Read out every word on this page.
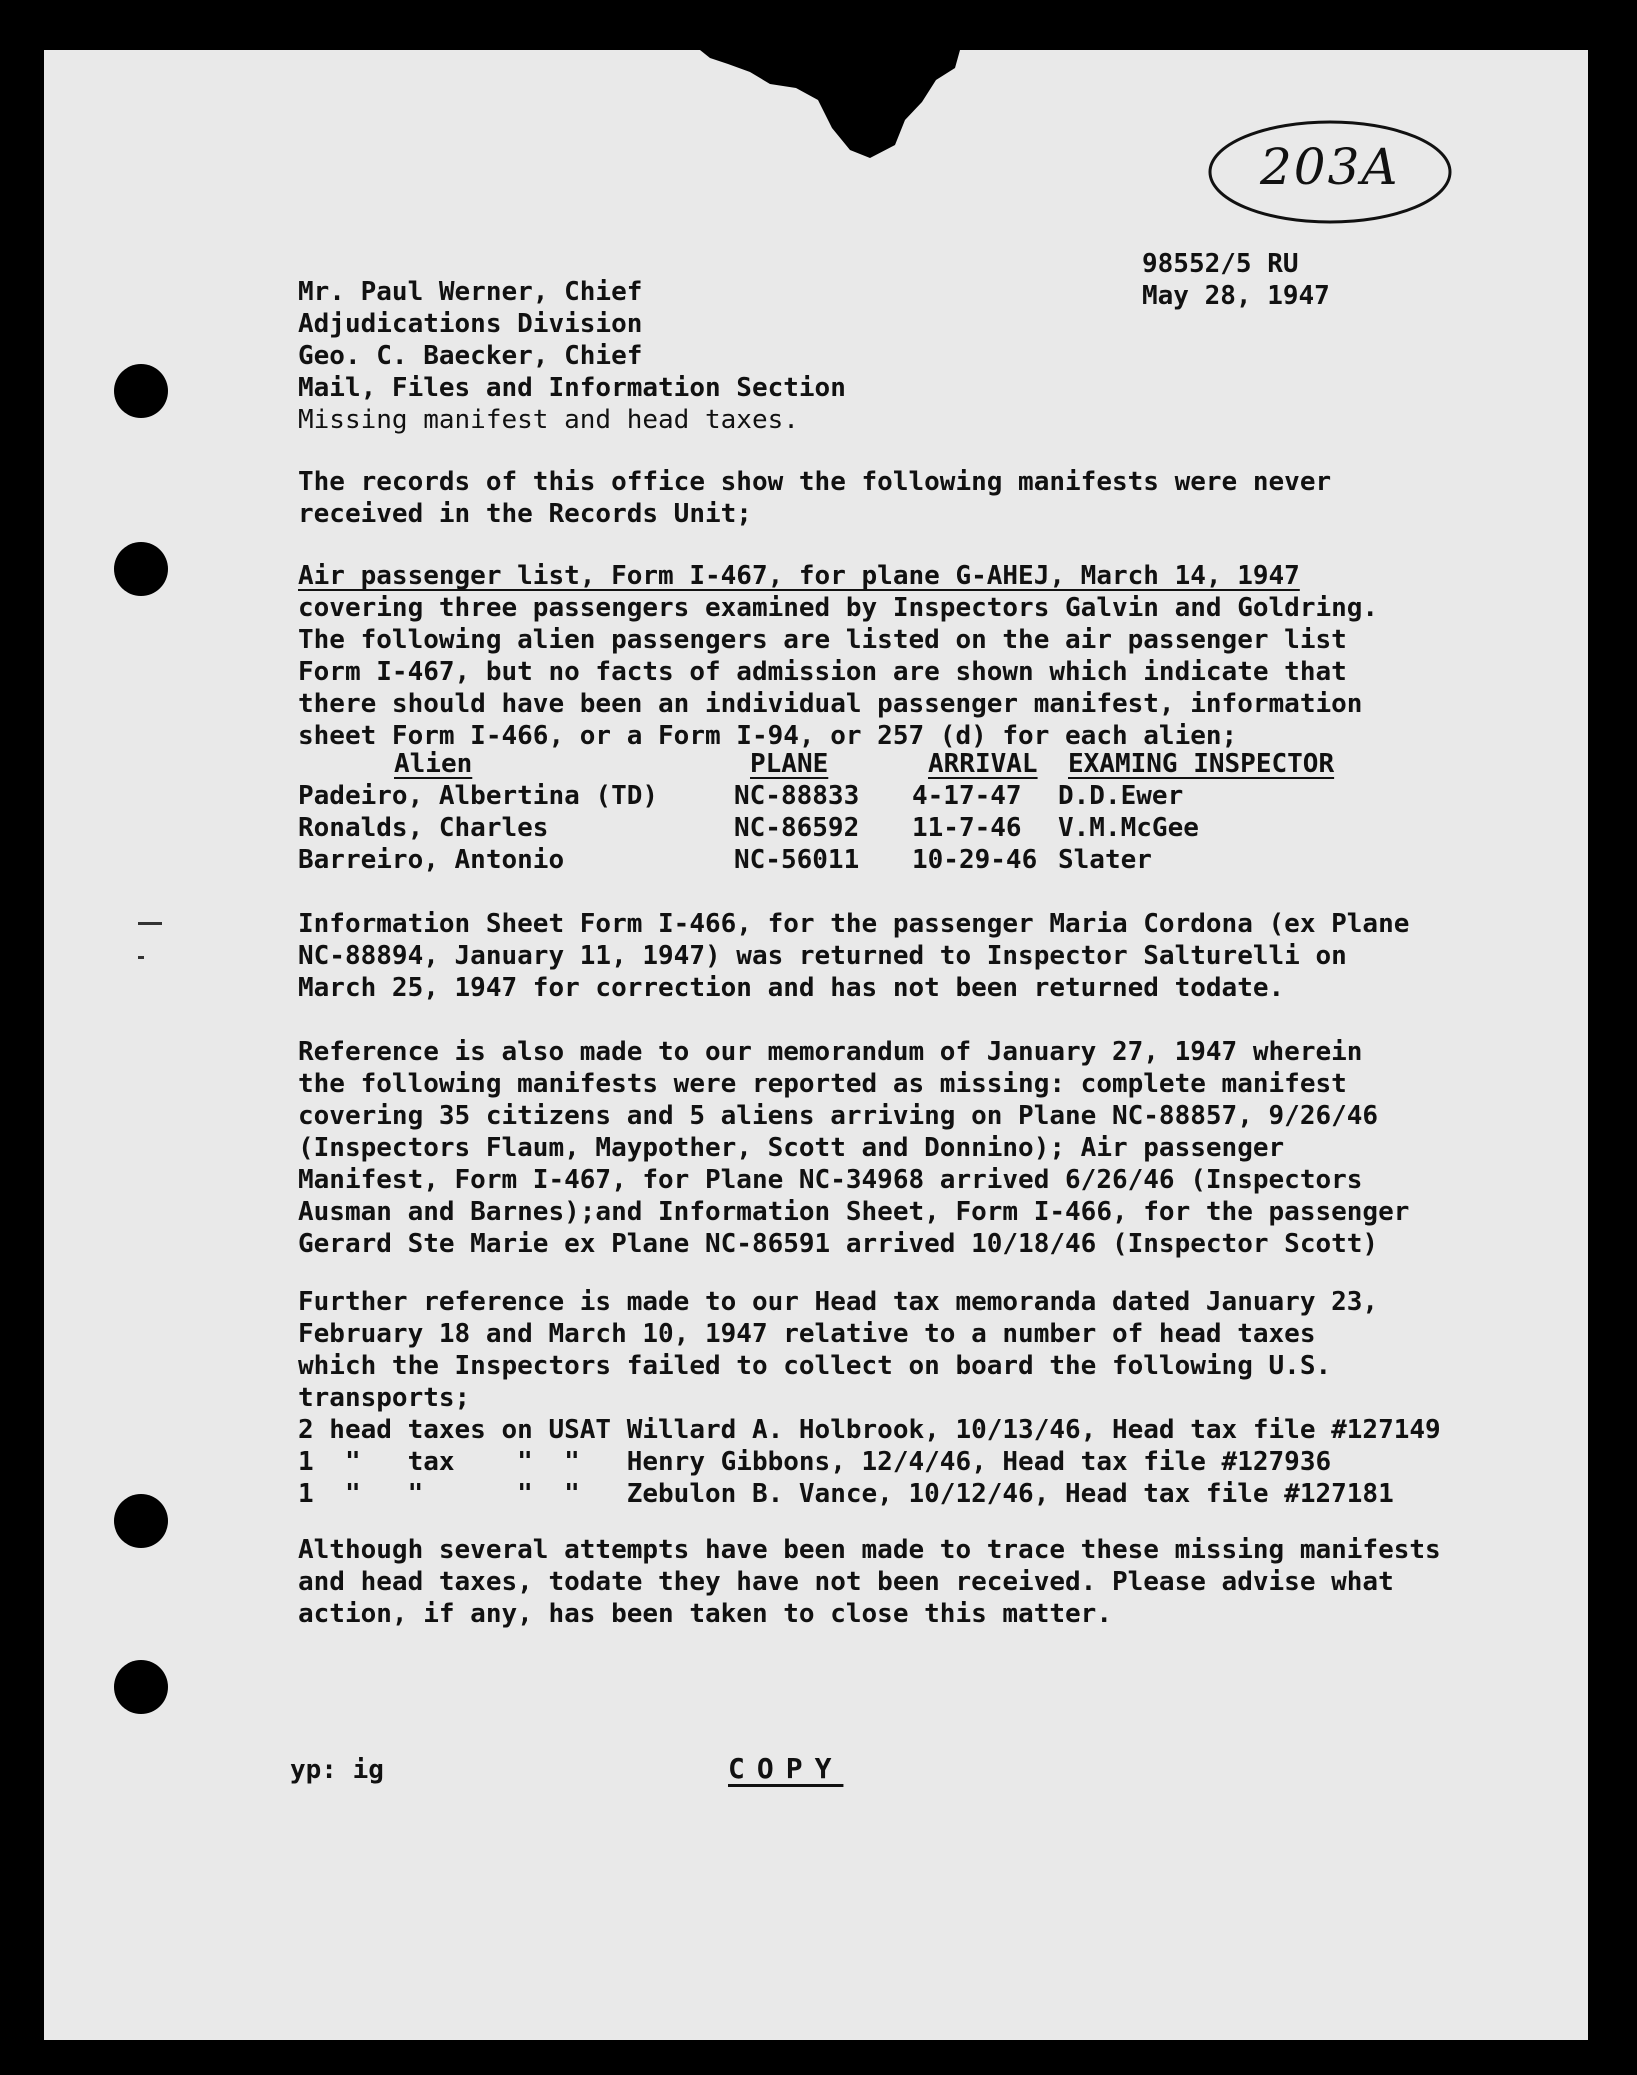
203A
98552/5 RU
May 28, 1947
Mr. Paul Werner, Chief
Adjudications Division
Geo. C. Baecker, Chief
Mail, Files and Information Section
Missing manifest and head taxes.
The records of this office show the following manifests were never
received in the Records Unit;
Air passenger list, Form I-467, for plane G-AHEJ, March 14, 1947
covering three passengers examined by Inspectors Galvin and Goldring.
The following alien passengers are listed on the air passenger list
Form I-467, but no facts of admission are shown which indicate that
there should have been an individual passenger manifest, information
sheet Form I-466, or a Form I-94, or 257 (d) for each alien;
Alien	PLANE	ARRIVAL EXAMING INSPECTOR
Padeiro, Albertina (TD)	NC-88833 4-17-47 D.D.Ewer
Ronalds, Charles	NC-86592 11-7-46 V.M.McGee
Barreiro, Antonio	NC-56011 10-29-46 Slater
Information Sheet Form I-466, for the passenger Maria Cordona (ex Plane
NC-88894, January 11, 1947) was returned to Inspector Salturelli on
March 25, 1947 for correction and has not been returned todate.
Reference is also made to our memorandum of January 27, 1947 wherein
the following manifests were reported as missing: complete manifest
covering 35 citizens and 5 aliens arriving on Plane NC-88857, 9/26/46
(Inspectors Flaum, Maypother, Scott and Donnino); Air passenger
Manifest, Form I-467, for Plane NC-34968 arrived 6/26/46 (Inspectors
Ausman and Barnes);and Information Sheet, Form I-466, for the passenger
Gerard Ste Marie ex Plane NC-86591 arrived 10/18/46 (Inspector Scott)
Further reference is made to our Head tax memoranda dated January 23,
February 18 and March 10, 1947 relative to a number of head taxes
which the Inspectors failed to collect on board the following U.S.
transports;
2 head taxes on USAT Willard A. Holbrook, 10/13/46, Head tax file #127149
1  "   tax    "  "   Henry Gibbons, 12/4/46, Head tax file #127936
1  "   "      "  "   Zebulon B. Vance, 10/12/46, Head tax file #127181
Although several attempts have been made to trace these missing manifests
and head taxes, todate they have not been received. Please advise what
action, if any, has been taken to close this matter.
yp: ig	COPY
